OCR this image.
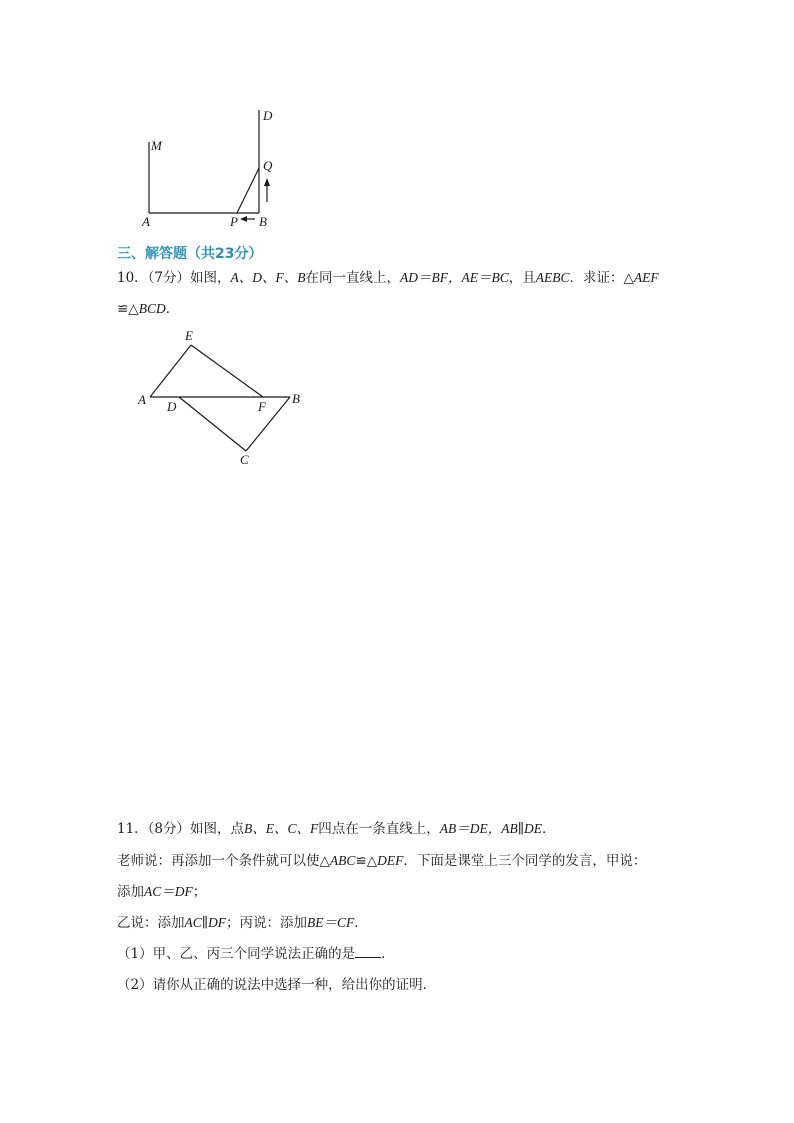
M
D
Q
A	P B
三、解答题（共23分）
10．（7分）如图，A、D、F、B在同一直线上，AD＝BF，AE＝BC，且AEBC．求证：△AEF
≌△BCD．
E
A D	F
B
C
11．（8分）如图，点B、E、C、F四点在一条直线上，AB＝DE，AB∥DE．
老师说：再添加一个条件就可以使△ABC≌△DEF．下面是课堂上三个同学的发言，甲说：
添加AC＝DF；
乙说：添加AC∥DF；丙说：添加BE＝CF．
（1）甲、乙、丙三个同学说法正确的是 ．
（2）请你从正确的说法中选择一种，给出你的证明．
